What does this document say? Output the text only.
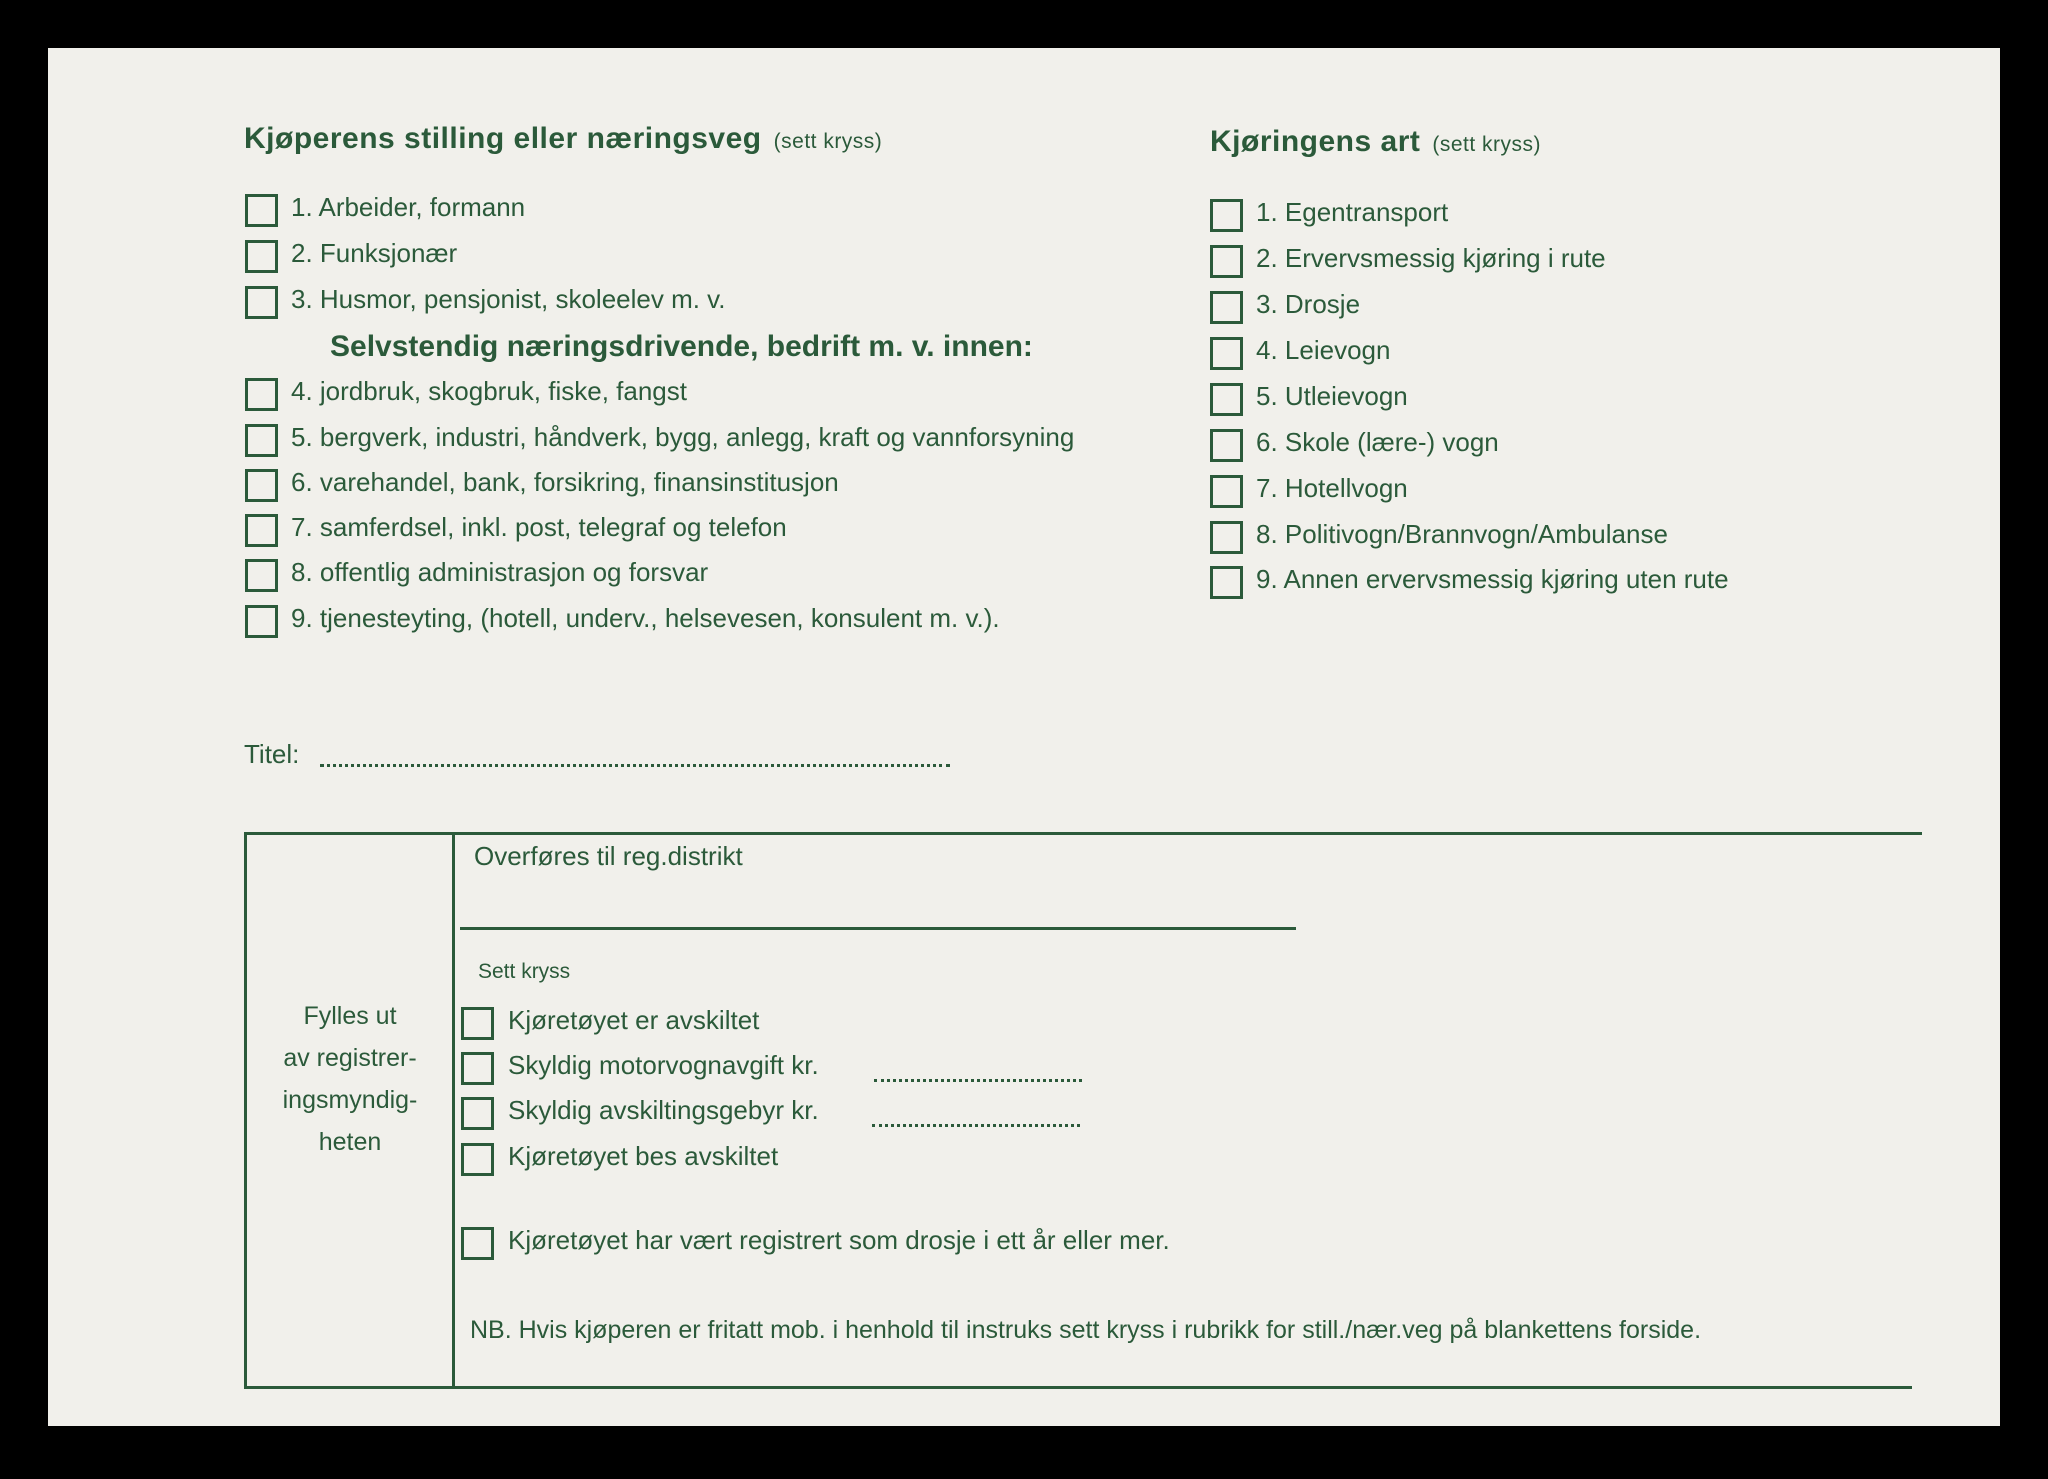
Kjøperens stilling eller næringsveg (sett kryss)
1. Arbeider, formann
2. Funksjonær
3. Husmor, pensjonist, skoleelev m. v.
Selvstendig næringsdrivende, bedrift m. v. innen:
4. jordbruk, skogbruk, fiske, fangst
5. bergverk, industri, håndverk, bygg, anlegg, kraft og vannforsyning
6. varehandel, bank, forsikring, finansinstitusjon
7. samferdsel, inkl. post, telegraf og telefon
8. offentlig administrasjon og forsvar
9. tjenesteyting, (hotell, underv., helsevesen, konsulent m. v.).
Kjøringens art (sett kryss)
1. Egentransport
2. Ervervsmessig kjøring i rute
3. Drosje
4. Leievogn
5. Utleievogn
6. Skole (lære-) vogn
7. Hotellvogn
8. Politivogn/Brannvogn/Ambulanse
9. Annen ervervsmessig kjøring uten rute
Titel:
Fylles ut
av registrer-
ingsmyndig-
heten
Overføres til reg.distrikt
Sett kryss
Kjøretøyet er avskiltet
Skyldig motorvognavgift kr.
Skyldig avskiltingsgebyr kr.
Kjøretøyet bes avskiltet
Kjøretøyet har vært registrert som drosje i ett år eller mer.
NB. Hvis kjøperen er fritatt mob. i henhold til instruks sett kryss i rubrikk for still./nær.veg på blankettens forside.
